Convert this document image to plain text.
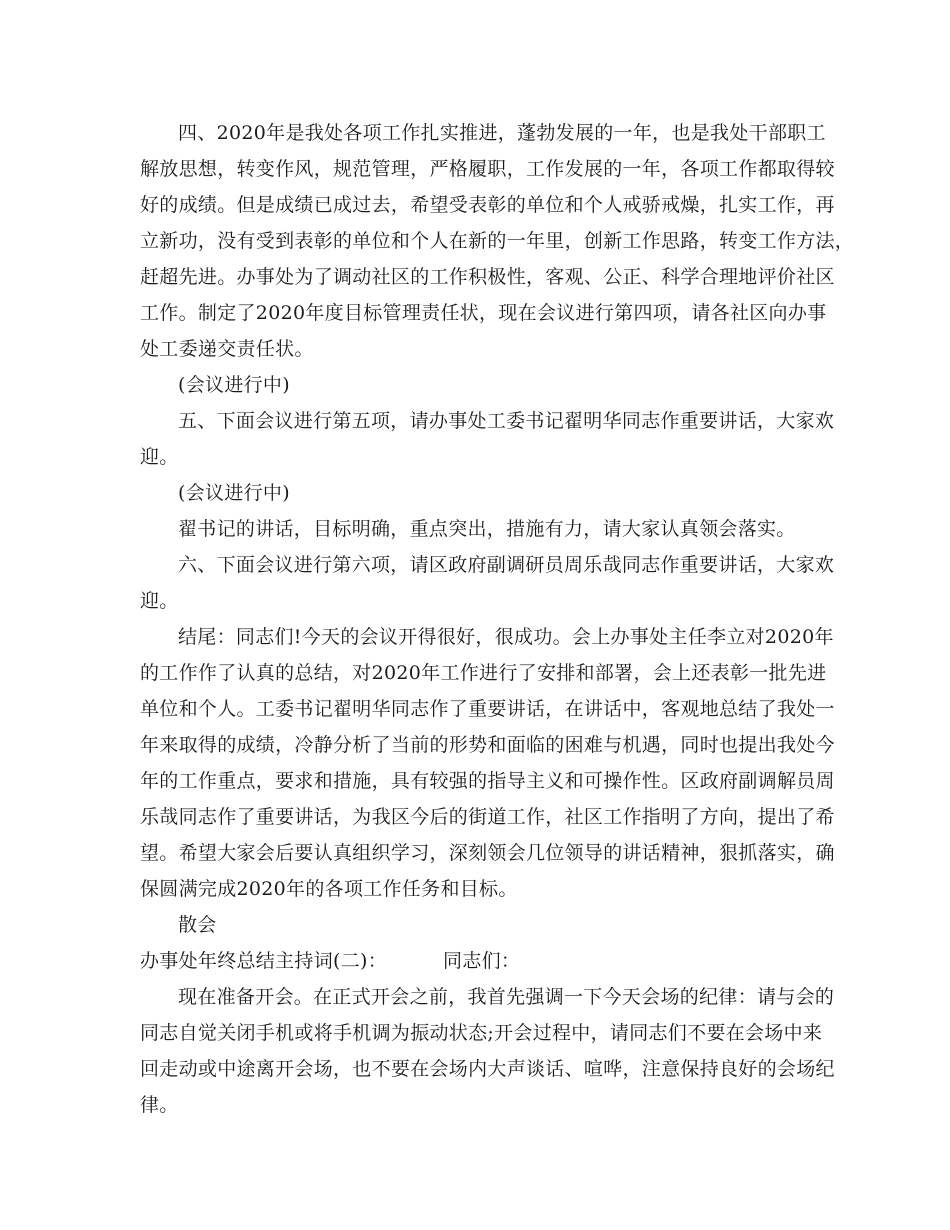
四、2020年是我处各项工作扎实推进，蓬勃发展的一年，也是我处干部职工
解放思想，转变作风，规范管理，严格履职，工作发展的一年，各项工作都取得较
好的成绩。但是成绩已成过去，希望受表彰的单位和个人戒骄戒燥，扎实工作，再
立新功，没有受到表彰的单位和个人在新的一年里，创新工作思路，转变工作方法，
赶超先进。办事处为了调动社区的工作积极性，客观、公正、科学合理地评价社区
工作。制定了2020年度目标管理责任状，现在会议进行第四项，请各社区向办事
处工委递交责任状。
(会议进行中)
五、下面会议进行第五项，请办事处工委书记翟明华同志作重要讲话，大家欢
迎。
(会议进行中)
翟书记的讲话，目标明确，重点突出，措施有力，请大家认真领会落实。
六、下面会议进行第六项，请区政府副调研员周乐哉同志作重要讲话，大家欢
迎。
结尾：同志们!今天的会议开得很好，很成功。会上办事处主任李立对2020年
的工作作了认真的总结，对2020年工作进行了安排和部署，会上还表彰一批先进
单位和个人。工委书记翟明华同志作了重要讲话，在讲话中，客观地总结了我处一
年来取得的成绩，冷静分析了当前的形势和面临的困难与机遇，同时也提出我处今
年的工作重点，要求和措施，具有较强的指导主义和可操作性。区政府副调解员周
乐哉同志作了重要讲话，为我区今后的街道工作，社区工作指明了方向，提出了希
望。希望大家会后要认真组织学习，深刻领会几位领导的讲话精神，狠抓落实，确
保圆满完成2020年的各项工作任务和目标。
散会
办事处年终总结主持词(二)：	同志们：
现在准备开会。在正式开会之前，我首先强调一下今天会场的纪律：请与会的
同志自觉关闭手机或将手机调为振动状态;开会过程中，请同志们不要在会场中来
回走动或中途离开会场，也不要在会场内大声谈话、喧哗，注意保持良好的会场纪
律。
